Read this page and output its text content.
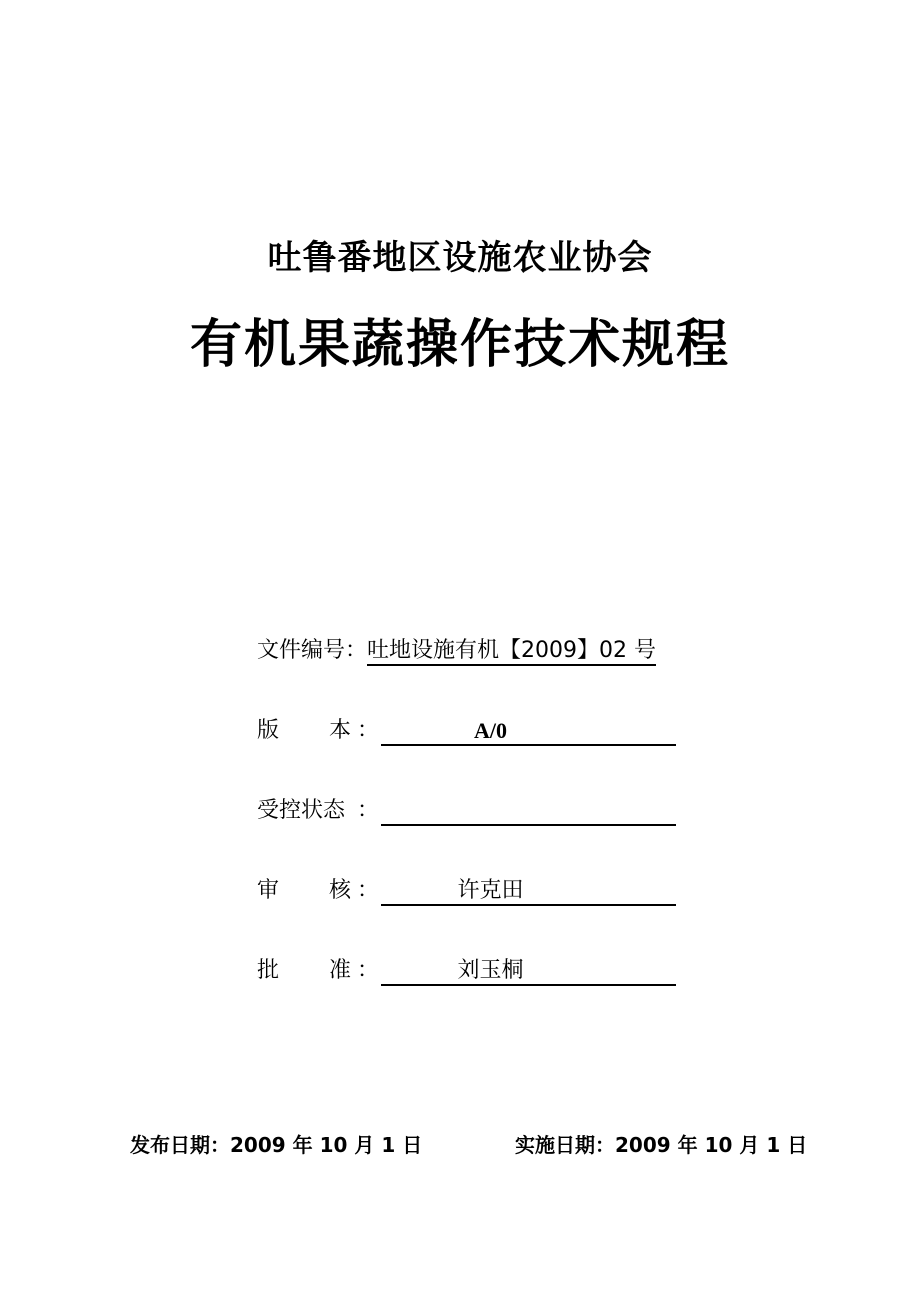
吐鲁番地区设施农业协会
有机果蔬操作技术规程
文件编号：吐地设施有机【2009】02 号
版 本 ：	A/0
受控状态 ：
审 核 ：	许克田
批 准 ：	刘玉桐
发布日期：2009 年 10 月 1 日	实施日期：2009 年 10 月 1 日
